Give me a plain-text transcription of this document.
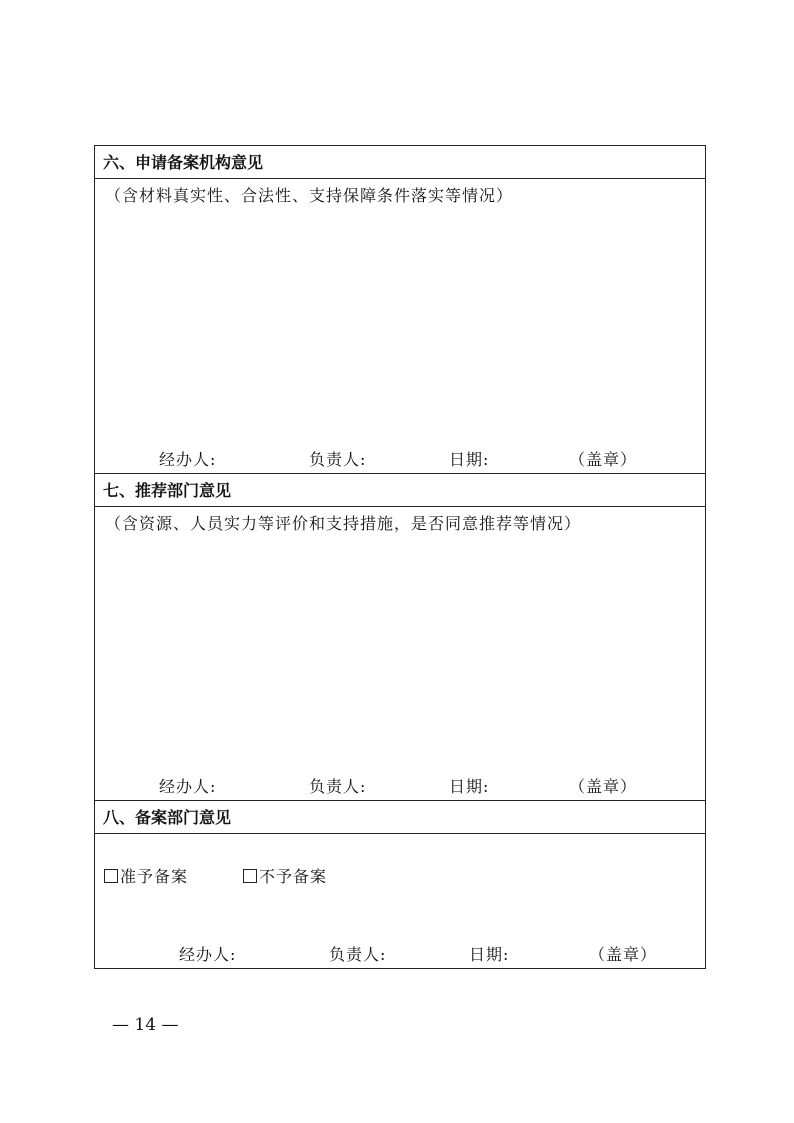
六、申请备案机构意见
（含材料真实性、合法性、支持保障条件落实等情况）
经办人:	负责人:	日期:	（盖章）
七、推荐部门意见
（含资源、人员实力等评价和支持措施，是否同意推荐等情况）
经办人:	负责人:	日期:	（盖章）
八、备案部门意见
准予备案	不予备案
经办人:	负责人:	日期:	（盖章）
— 14 —
